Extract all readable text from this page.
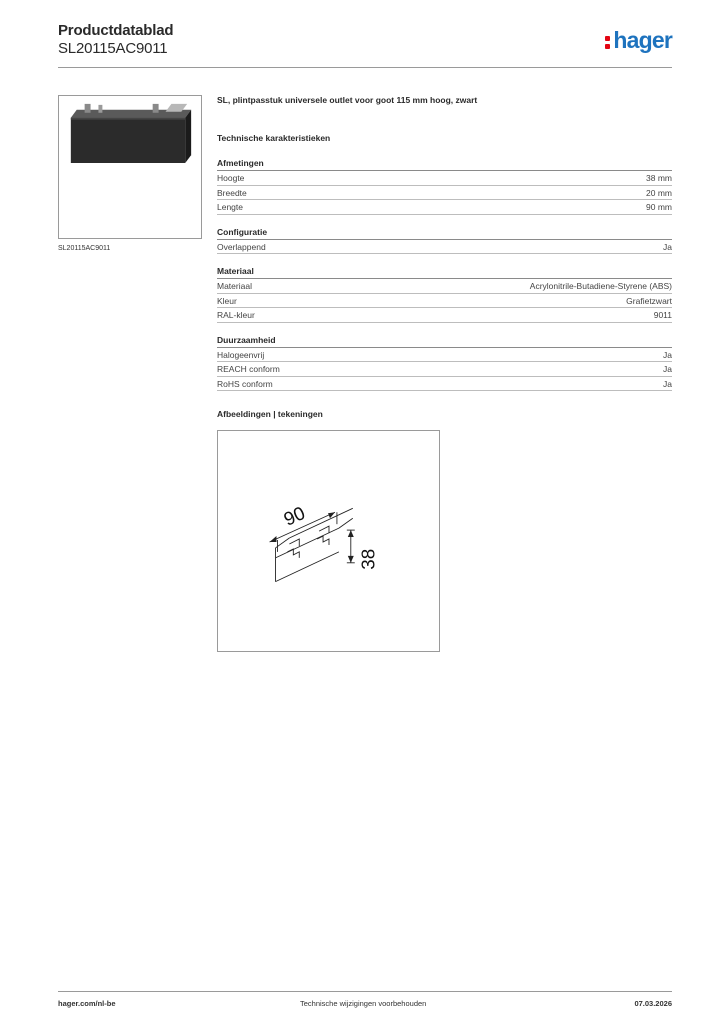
Productdatablad
SL20115AC9011	hager
SL20115AC9011
SL, plintpasstuk universele outlet voor goot 115 mm hoog, zwart
Technische karakteristieken
Afmetingen
Hoogte	38 mm
Breedte	20 mm
Lengte	90 mm
Configuratie
Overlappend	Ja
Materiaal
Materiaal	Acrylonitrile-Butadiene-Styrene (ABS)
Kleur	Grafietzwart
RAL-kleur	9011
Duurzaamheid
Halogeenvrij	Ja
REACH conform	Ja
RoHS conform	Ja
Afbeeldingen | tekeningen
90
38
hager.com/nl-be	Technische wijzigingen voorbehouden	07.03.2026
